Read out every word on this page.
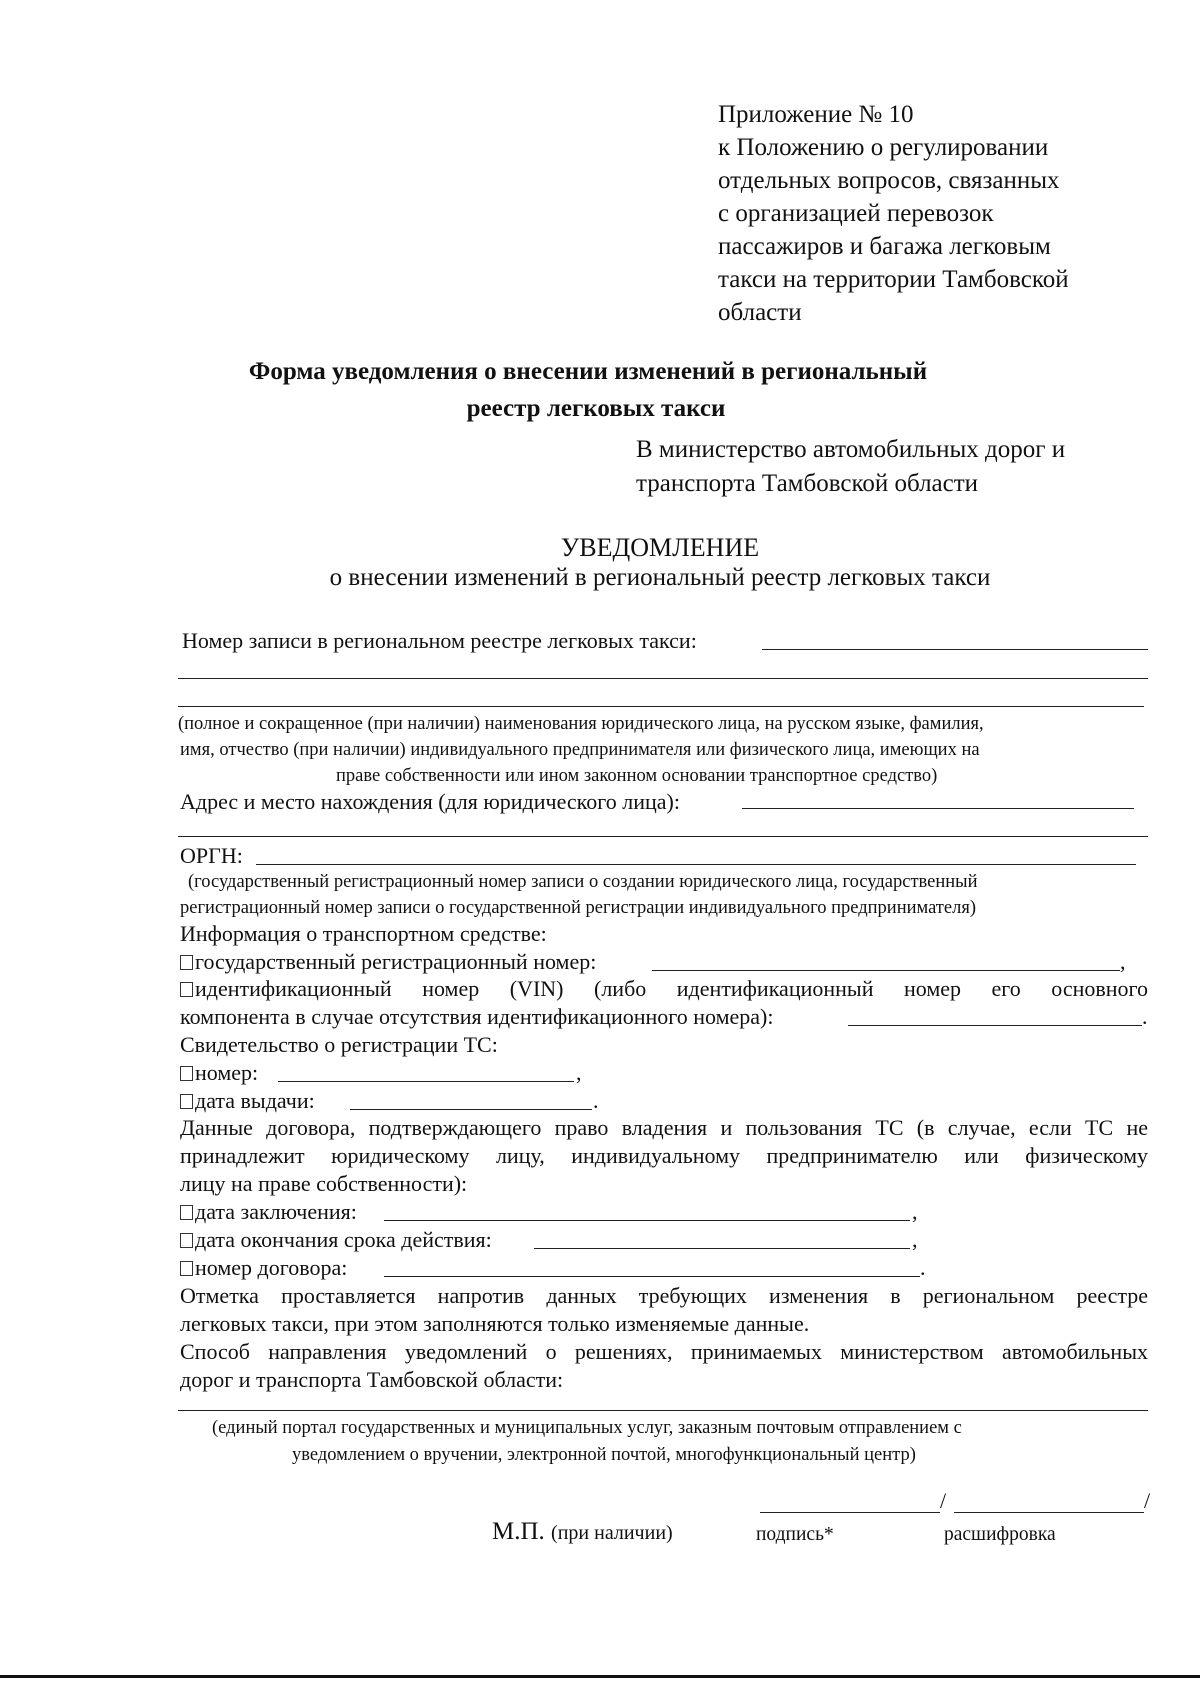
Приложение № 10
к Положению о регулировании
отдельных вопросов, связанных
с организацией перевозок
пассажиров и багажа легковым
такси на территории Тамбовской
области
Форма уведомления о внесении изменений в региональный
реестр легковых такси
В министерство автомобильных дорог и
транспорта Тамбовской области
УВЕДОМЛЕНИЕ
о внесении изменений в региональный реестр легковых такси
Номер записи в региональном реестре легковых такси:
(полное и сокращенное (при наличии) наименования юридического лица, на русском языке, фамилия,
имя, отчество (при наличии) индивидуального предпринимателя или физического лица, имеющих на
праве собственности или ином законном основании транспортное средство)
Адрес и место нахождения (для юридического лица):
ОРГН:
(государственный регистрационный номер записи о создании юридического лица, государственный
регистрационный номер записи о государственной регистрации индивидуального предпринимателя)
Информация о транспортном средстве:
государственный регистрационный номер:	,
идентификационный номер (VIN) (либо идентификационный номер его основного
компонента в случае отсутствия идентификационного номера):	.
Свидетельство о регистрации ТС:
номер:	,
дата выдачи:	.
Данные договора, подтверждающего право владения и пользования ТС (в случае, если ТС не
принадлежит юридическому лицу, индивидуальному предпринимателю или физическому
лицу на праве собственности):
дата заключения:	,
дата окончания срока действия:	,
номер договора:	.
Отметка проставляется напротив данных требующих изменения в региональном реестре
легковых такси, при этом заполняются только изменяемые данные.
Способ направления уведомлений о решениях, принимаемых министерством автомобильных
дорог и транспорта Тамбовской области:
(единый портал государственных и муниципальных услуг, заказным почтовым отправлением с
уведомлением о вручении, электронной почтой, многофункциональный центр)
/	/
М.П. (при наличии)	подпись*	расшифровка
